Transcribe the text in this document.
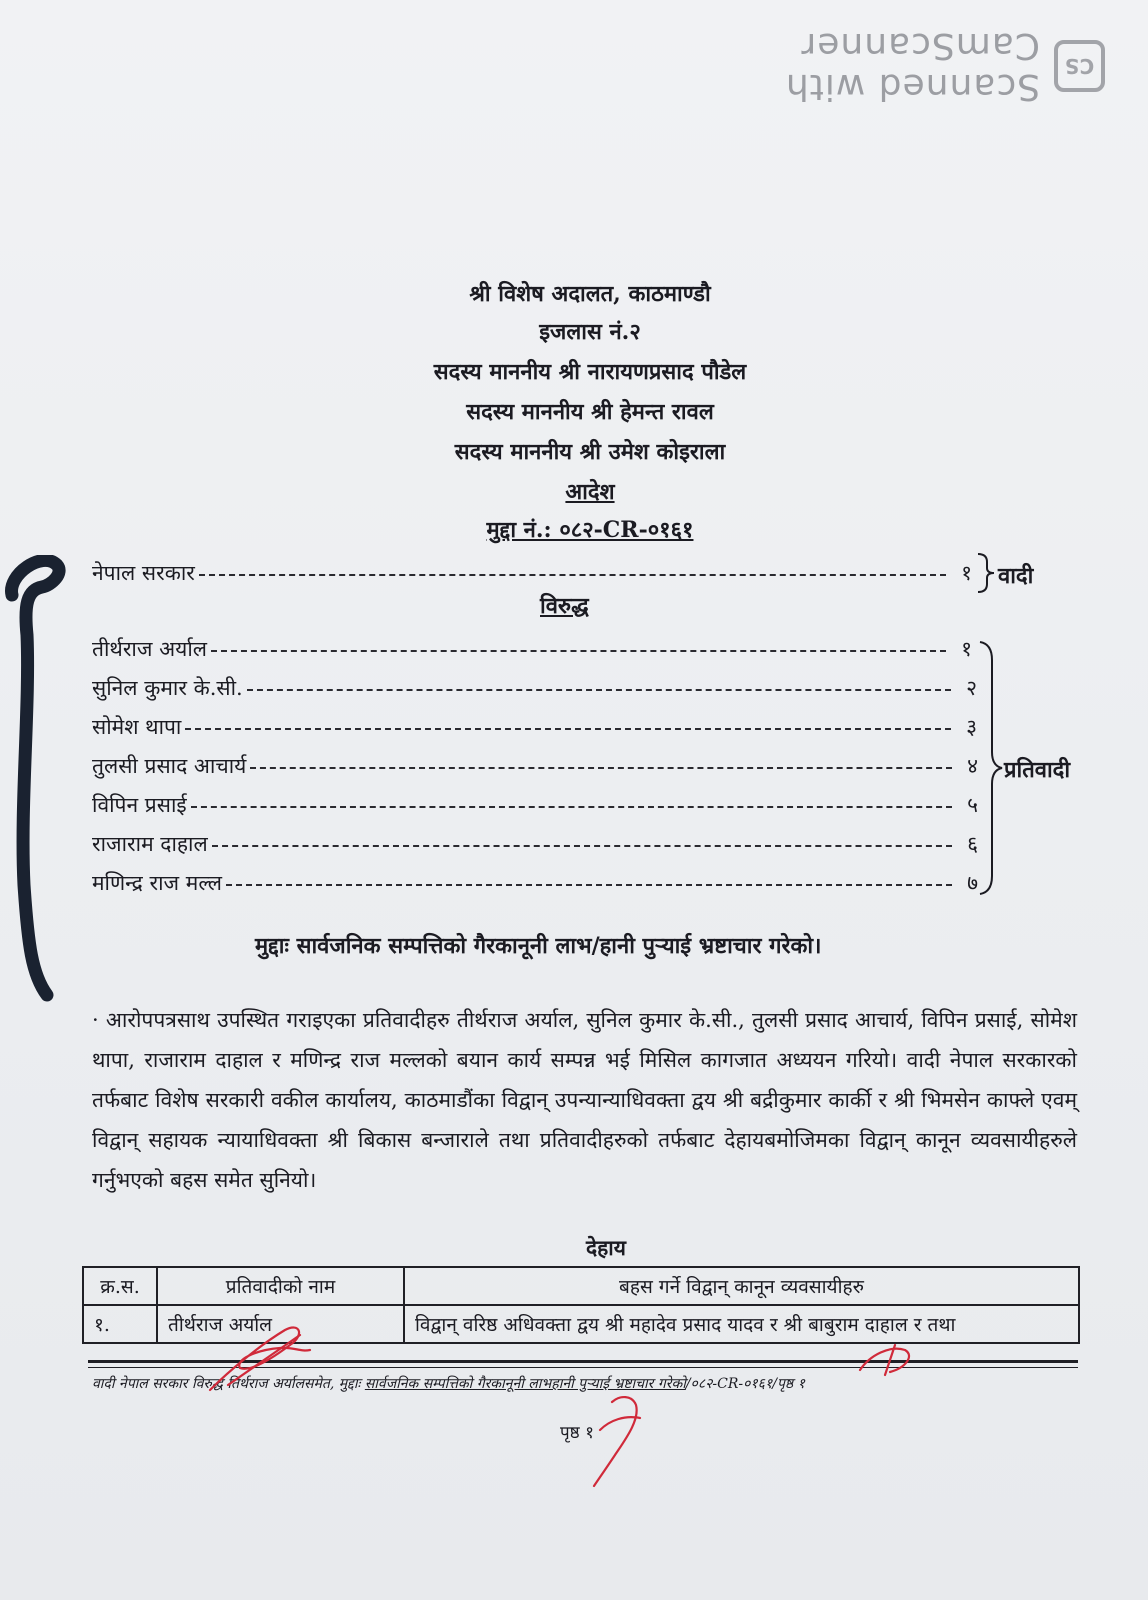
CS
Scanned with CamScanner
श्री विशेष अदालत, काठमाण्डौ
इजलास नं.२
सदस्य माननीय श्री नारायणप्रसाद पौडेल
सदस्य माननीय श्री हेमन्त रावल
सदस्य माननीय श्री उमेश कोइराला
आदेश
मुद्दा नं.: ०८२-CR-०१६१
नेपाल सरकार	१ वादी
विरुद्ध
तीर्थराज अर्याल	१
सुनिल कुमार के.सी.	२
सोमेश थापा	३
तुलसी प्रसाद आचार्य	४
विपिन प्रसाई	५
राजाराम दाहाल	६
मणिन्द्र राज मल्ल	७
प्रतिवादी
मुद्दाः सार्वजनिक सम्पत्तिको गैरकानूनी लाभ/हानी पुऱ्याई भ्रष्टाचार गरेको।
· आरोपपत्रसाथ उपस्थित गराइएका प्रतिवादीहरु तीर्थराज अर्याल, सुनिल कुमार के.सी., तुलसी प्रसाद आचार्य, विपिन प्रसाई, सोमेश थापा, राजाराम दाहाल र मणिन्द्र राज मल्लको बयान कार्य सम्पन्न भई मिसिल कागजात अध्ययन गरियो। वादी नेपाल सरकारको तर्फबाट विशेष सरकारी वकील कार्यालय, काठमाडौंका विद्वान् उपन्यान्याधिवक्ता द्वय श्री बद्रीकुमार कार्की र श्री भिमसेन काफ्ले एवम् विद्वान् सहायक न्यायाधिवक्ता श्री बिकास बन्जाराले तथा प्रतिवादीहरुको तर्फबाट देहायबमोजिमका विद्वान् कानून व्यवसायीहरुले गर्नुभएको बहस समेत सुनियो।
देहाय
क्र.स.	प्रतिवादीको नाम	बहस गर्ने विद्वान् कानून व्यवसायीहरु
१.	तीर्थराज अर्याल	विद्वान् वरिष्ठ अधिवक्ता द्वय श्री महादेव प्रसाद यादव र श्री बाबुराम दाहाल र तथा
वादी नेपाल सरकार विरुद्ध तिर्थराज अर्यालसमेत, मुद्दाः सार्वजनिक सम्पत्तिको गैरकानूनी लाभहानी पुऱ्याई भ्रष्टाचार गरेको/०८२-CR-०१६१/पृष्ठ १
पृष्ठ १
